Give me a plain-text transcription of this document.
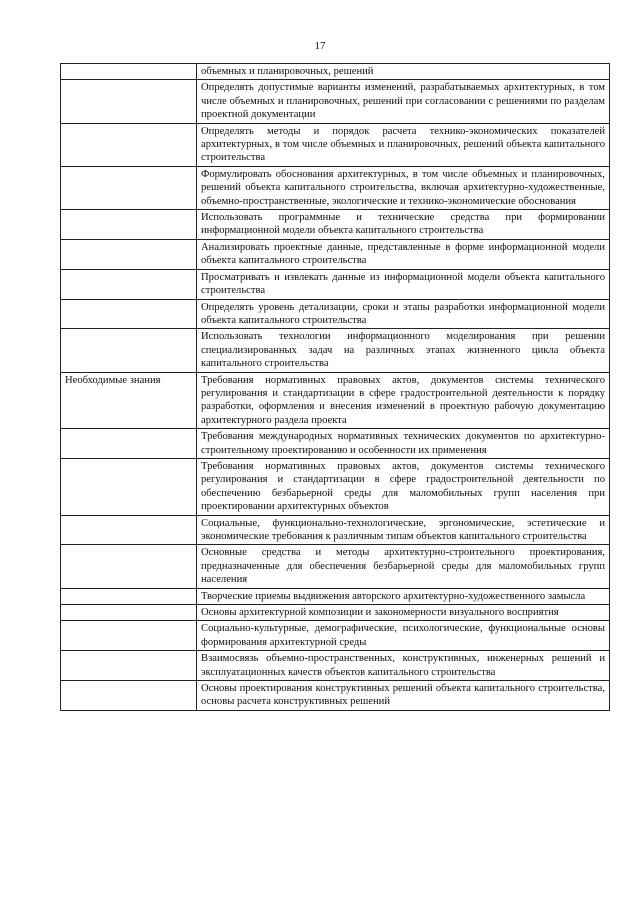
17
	объемных и планировочных, решений
	Определять допустимые варианты изменений, разрабатываемых архитектурных, в том числе объемных и планировочных, решений при согласовании с решениями по разделам проектной документации
	Определять методы и порядок расчета технико-экономических показателей архитектурных, в том числе объемных и планировочных, решений объекта капитального строительства
	Формулировать обоснования архитектурных, в том числе объемных и планировочных, решений объекта капитального строительства, включая архитектурно-художественные, объемно-пространственные, экологические и технико-экономические обоснования
	Использовать программные и технические средства при формировании информационной модели объекта капитального строительства
	Анализировать проектные данные, представленные в форме информационной модели объекта капитального строительства
	Просматривать и извлекать данные из информационной модели объекта капитального строительства
	Определять уровень детализации, сроки и этапы разработки информационной модели объекта капитального строительства
	Использовать технологии информационного моделирования при решении специализированных задач на различных этапах жизненного цикла объекта капитального строительства
Необходимые знания	Требования нормативных правовых актов, документов системы технического регулирования и стандартизации в сфере градостроительной деятельности к порядку разработки, оформления и внесения изменений в проектную рабочую документацию архитектурного раздела проекта
	Требования международных нормативных технических документов по архитектурно-строительному проектированию и особенности их применения
	Требования нормативных правовых актов, документов системы технического регулирования и стандартизации в сфере градостроительной деятельности по обеспечению безбарьерной среды для маломобильных групп населения при проектировании архитектурных объектов
	Социальные, функционально-технологические, эргономические, эстетические и экономические требования к различным типам объектов капитального строительства
	Основные средства и методы архитектурно-строительного проектирования, предназначенные для обеспечения безбарьерной среды для маломобильных групп населения
	Творческие приемы выдвижения авторского архитектурно-художественного замысла
	Основы архитектурной композиции и закономерности визуального восприятия
	Социально-культурные, демографические, психологические, функциональные основы формирования архитектурной среды
	Взаимосвязь объемно-пространственных, конструктивных, инженерных решений и эксплуатационных качеств объектов капитального строительства
	Основы проектирования конструктивных решений объекта капитального строительства, основы расчета конструктивных решений
